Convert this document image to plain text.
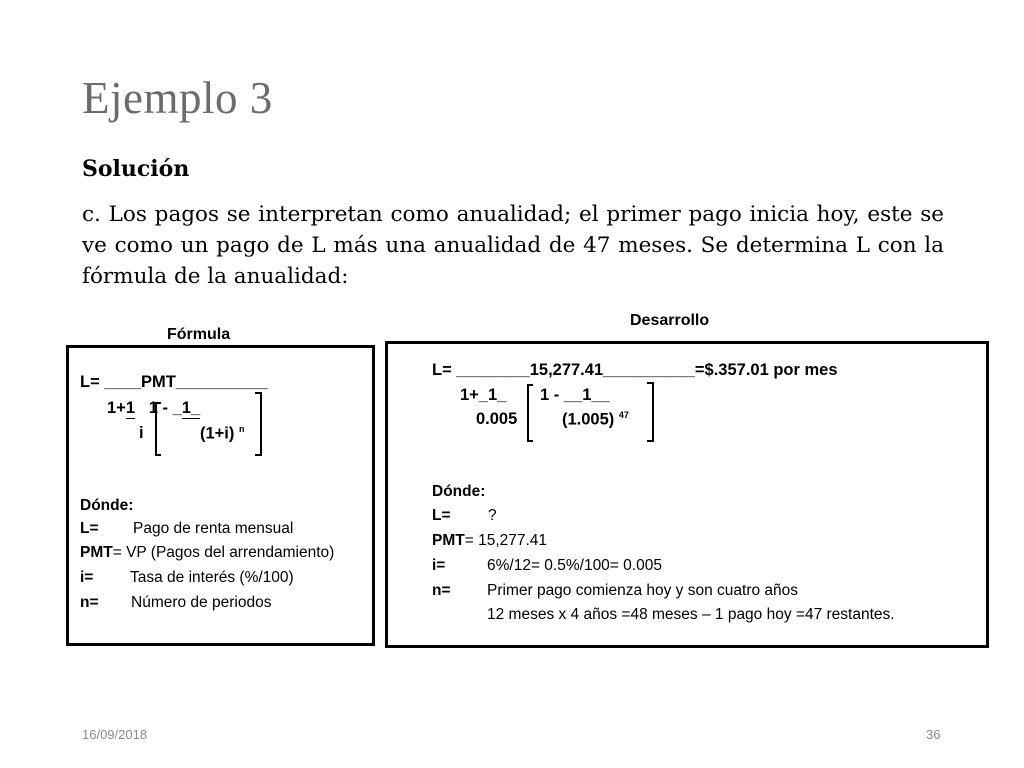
Ejemplo 3
Solución
c. Los pagos se interpretan como anualidad; el primer pago inicia hoy, este se ve como un pago de L más una anualidad de 47 meses. Se determina L con la fórmula de la anualidad:
Fórmula
L= ____PMT__________
1+1 1 - _1_
i	(1+i) $^n$
Dónde:
L= Pago de renta mensual
PMT= VP (Pagos del arrendamiento)
i= Tasa de interés (%/100)
n= Número de periodos
Desarrollo
L= ________15,277.41__________=$.357.01 por mes
1+_1_ 1 - __1__
0.005	(1.005) $^{47}$
Dónde:
L= ?
PMT= 15,277.41
i=	6%/12= 0.5%/100= 0.005
n= Primer pago comienza hoy y son cuatro años
12 meses x 4 años =48 meses – 1 pago hoy =47 restantes.
16/09/2018	36
